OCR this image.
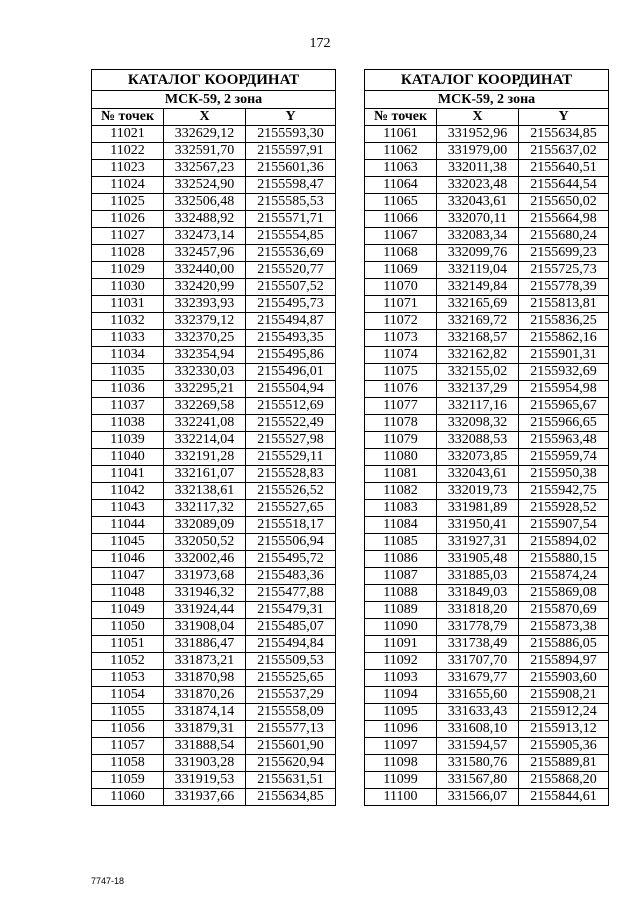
172
КАТАЛОГ КООРДИНАТ		
МСК-59, 2 зона		
№ точек	X	Y
11021	332629,12	2155593,30
11022	332591,70	2155597,91
11023	332567,23	2155601,36
11024	332524,90	2155598,47
11025	332506,48	2155585,53
11026	332488,92	2155571,71
11027	332473,14	2155554,85
11028	332457,96	2155536,69
11029	332440,00	2155520,77
11030	332420,99	2155507,52
11031	332393,93	2155495,73
11032	332379,12	2155494,87
11033	332370,25	2155493,35
11034	332354,94	2155495,86
11035	332330,03	2155496,01
11036	332295,21	2155504,94
11037	332269,58	2155512,69
11038	332241,08	2155522,49
11039	332214,04	2155527,98
11040	332191,28	2155529,11
11041	332161,07	2155528,83
11042	332138,61	2155526,52
11043	332117,32	2155527,65
11044	332089,09	2155518,17
11045	332050,52	2155506,94
11046	332002,46	2155495,72
11047	331973,68	2155483,36
11048	331946,32	2155477,88
11049	331924,44	2155479,31
11050	331908,04	2155485,07
11051	331886,47	2155494,84
11052	331873,21	2155509,53
11053	331870,98	2155525,65
11054	331870,26	2155537,29
11055	331874,14	2155558,09
11056	331879,31	2155577,13
11057	331888,54	2155601,90
11058	331903,28	2155620,94
11059	331919,53	2155631,51
11060	331937,66	2155634,85
КАТАЛОГ КООРДИНАТ		
МСК-59, 2 зона		
№ точек	X	Y
11061	331952,96	2155634,85
11062	331979,00	2155637,02
11063	332011,38	2155640,51
11064	332023,48	2155644,54
11065	332043,61	2155650,02
11066	332070,11	2155664,98
11067	332083,34	2155680,24
11068	332099,76	2155699,23
11069	332119,04	2155725,73
11070	332149,84	2155778,39
11071	332165,69	2155813,81
11072	332169,72	2155836,25
11073	332168,57	2155862,16
11074	332162,82	2155901,31
11075	332155,02	2155932,69
11076	332137,29	2155954,98
11077	332117,16	2155965,67
11078	332098,32	2155966,65
11079	332088,53	2155963,48
11080	332073,85	2155959,74
11081	332043,61	2155950,38
11082	332019,73	2155942,75
11083	331981,89	2155928,52
11084	331950,41	2155907,54
11085	331927,31	2155894,02
11086	331905,48	2155880,15
11087	331885,03	2155874,24
11088	331849,03	2155869,08
11089	331818,20	2155870,69
11090	331778,79	2155873,38
11091	331738,49	2155886,05
11092	331707,70	2155894,97
11093	331679,77	2155903,60
11094	331655,60	2155908,21
11095	331633,43	2155912,24
11096	331608,10	2155913,12
11097	331594,57	2155905,36
11098	331580,76	2155889,81
11099	331567,80	2155868,20
11100	331566,07	2155844,61
7747-18
